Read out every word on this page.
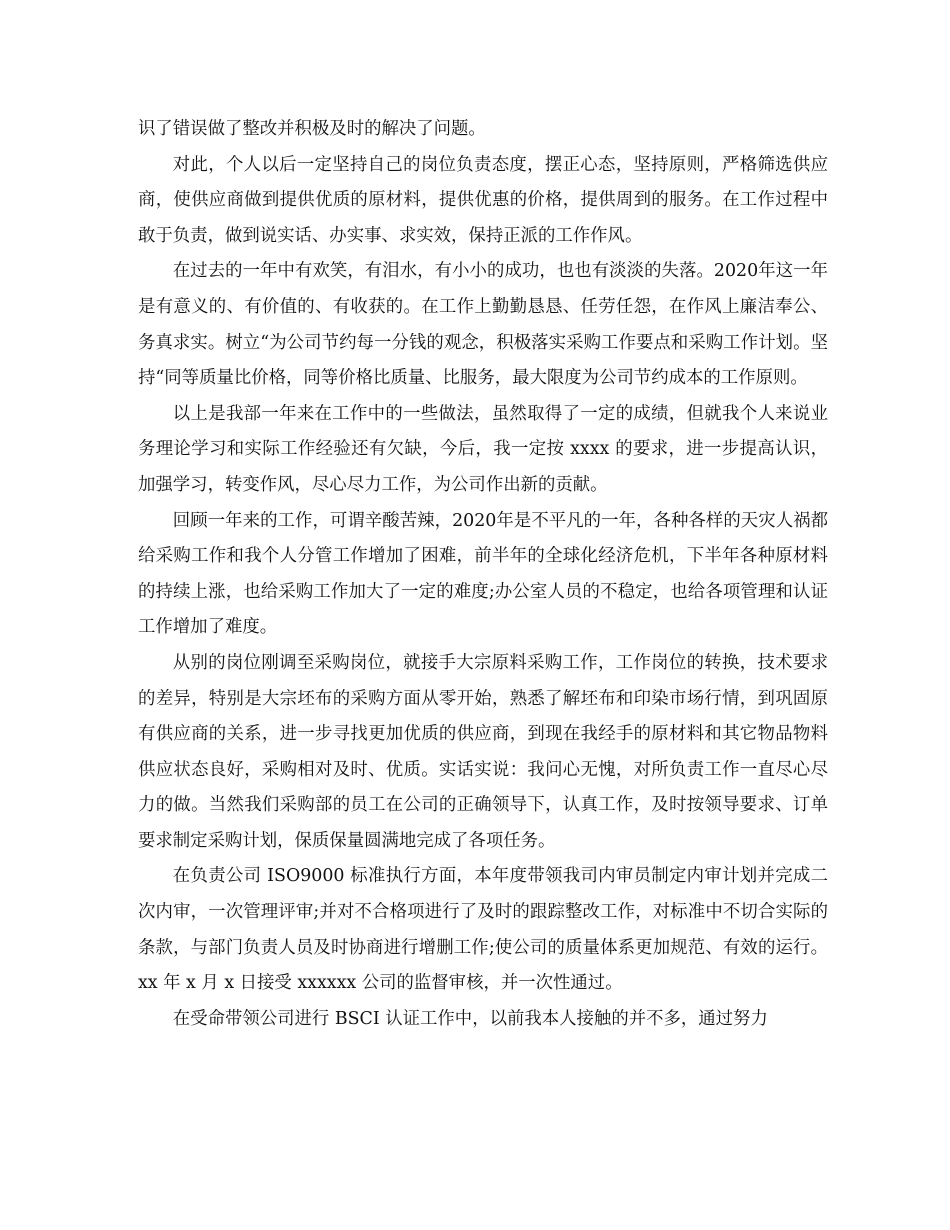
识了错误做了整改并积极及时的解决了问题。

对此，个人以后一定坚持自己的岗位负责态度，摆正心态，坚持原则，严格筛选供应商，使供应商做到提供优质的原材料，提供优惠的价格，提供周到的服务。在工作过程中敢于负责，做到说实话、办实事、求实效，保持正派的工作作风。

在过去的一年中有欢笑，有泪水，有小小的成功，也也有淡淡的失落。2020年这一年是有意义的、有价值的、有收获的。在工作上勤勤恳恳、任劳任怨，在作风上廉洁奉公、务真求实。树立“为公司节约每一分钱的观念，积极落实采购工作要点和采购工作计划。坚持“同等质量比价格，同等价格比质量、比服务，最大限度为公司节约成本的工作原则。

以上是我部一年来在工作中的一些做法，虽然取得了一定的成绩，但就我个人来说业务理论学习和实际工作经验还有欠缺，今后，我一定按 xxxx 的要求，进一步提高认识，加强学习，转变作风，尽心尽力工作，为公司作出新的贡献。

回顾一年来的工作，可谓辛酸苦辣，2020年是不平凡的一年，各种各样的天灾人祸都给采购工作和我个人分管工作增加了困难，前半年的全球化经济危机，下半年各种原材料的持续上涨，也给采购工作加大了一定的难度;办公室人员的不稳定，也给各项管理和认证工作增加了难度。

从别的岗位刚调至采购岗位，就接手大宗原料采购工作，工作岗位的转换，技术要求的差异，特别是大宗坯布的采购方面从零开始，熟悉了解坯布和印染市场行情，到巩固原有供应商的关系，进一步寻找更加优质的供应商，到现在我经手的原材料和其它物品物料供应状态良好，采购相对及时、优质。实话实说：我问心无愧，对所负责工作一直尽心尽力的做。当然我们采购部的员工在公司的正确领导下，认真工作，及时按领导要求、订单要求制定采购计划，保质保量圆满地完成了各项任务。

在负责公司 ISO9000 标准执行方面，本年度带领我司内审员制定内审计划并完成二次内审，一次管理评审;并对不合格项进行了及时的跟踪整改工作，对标准中不切合实际的条款，与部门负责人员及时协商进行增删工作;使公司的质量体系更加规范、有效的运行。xx 年 x 月 x 日接受 xxxxxx 公司的监督审核，并一次性通过。

在受命带领公司进行 BSCI 认证工作中，以前我本人接触的并不多，通过努力
